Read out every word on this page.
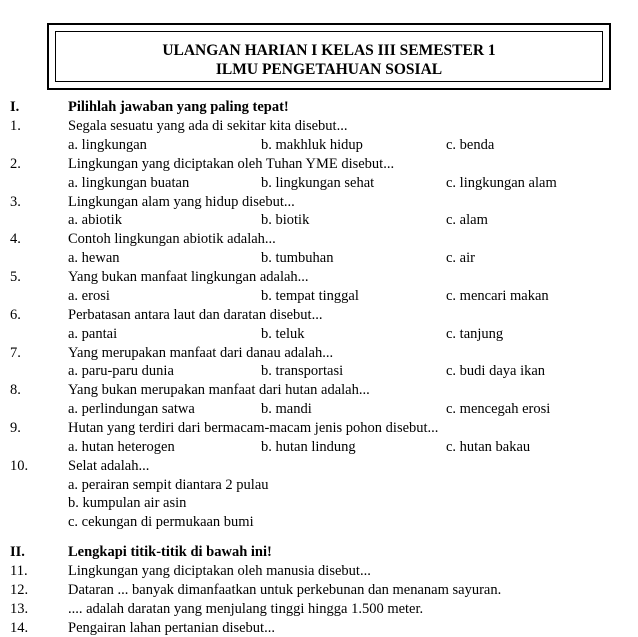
ULANGAN HARIAN I KELAS III SEMESTER 1
ILMU PENGETAHUAN SOSIAL
I.	Pilihlah jawaban yang paling tepat!
1.	Segala sesuatu yang ada di sekitar kita disebut...
a. lingkungan	b. makhluk hidup	c. benda
2.	Lingkungan yang diciptakan oleh Tuhan YME disebut...
a. lingkungan buatan	b. lingkungan sehat	c. lingkungan alam
3.	Lingkungan alam yang hidup disebut...
a. abiotik	b. biotik	c. alam
4.	Contoh lingkungan abiotik adalah...
a. hewan	b. tumbuhan	c. air
5.	Yang bukan manfaat lingkungan adalah...
a. erosi	b. tempat tinggal	c. mencari makan
6.	Perbatasan antara laut dan daratan disebut...
a. pantai	b. teluk	c. tanjung
7.	Yang merupakan manfaat dari danau adalah...
a. paru-paru dunia	b. transportasi	c. budi daya ikan
8.	Yang bukan merupakan manfaat dari hutan adalah...
a. perlindungan satwa	b. mandi	c. mencegah erosi
9.	Hutan yang terdiri dari bermacam-macam jenis pohon disebut...
a. hutan heterogen	b. hutan lindung	c. hutan bakau
10.	Selat adalah...
a. perairan sempit diantara 2 pulau
b. kumpulan air asin
c. cekungan di permukaan bumi
II.	Lengkapi titik-titik di bawah ini!
11.	Lingkungan yang diciptakan oleh manusia disebut...
12.	Dataran ... banyak dimanfaatkan untuk perkebunan dan menanam sayuran.
13.	.... adalah daratan yang menjulang tinggi hingga 1.500 meter.
14.	Pengairan lahan pertanian disebut...
